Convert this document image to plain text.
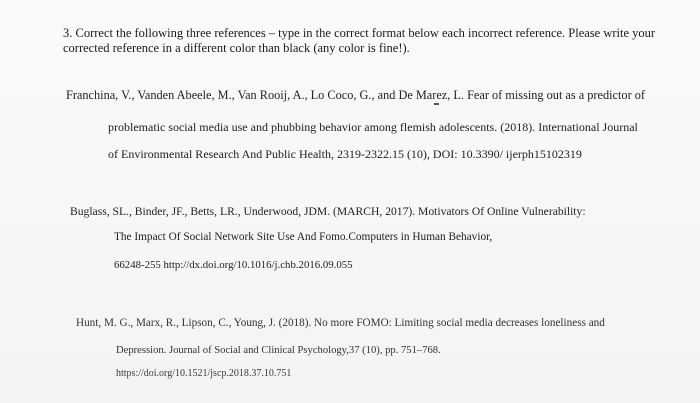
3. Correct the following three references – type in the correct format below each incorrect reference. Please write your corrected reference in a different color than black (any color is fine!).
Franchina, V., Vanden Abeele, M., Van Rooij, A., Lo Coco, G., and De Marez, L. Fear of missing out as a predictor of
problematic social media use and phubbing behavior among flemish adolescents. (2018). International Journal
of Environmental Research And Public Health, 2319-2322.15 (10), DOI: 10.3390/ ijerph15102319
Buglass, SL., Binder, JF., Betts, LR., Underwood, JDM. (MARCH, 2017). Motivators Of Online Vulnerability:
The Impact Of Social Network Site Use And Fomo.Computers in Human Behavior,
66248-255 http://dx.doi.org/10.1016/j.chb.2016.09.055
Hunt, M. G., Marx, R., Lipson, C., Young, J. (2018). No more FOMO: Limiting social media decreases loneliness and
Depression. Journal of Social and Clinical Psychology,37 (10), pp. 751–768.
https://doi.org/10.1521/jscp.2018.37.10.751
